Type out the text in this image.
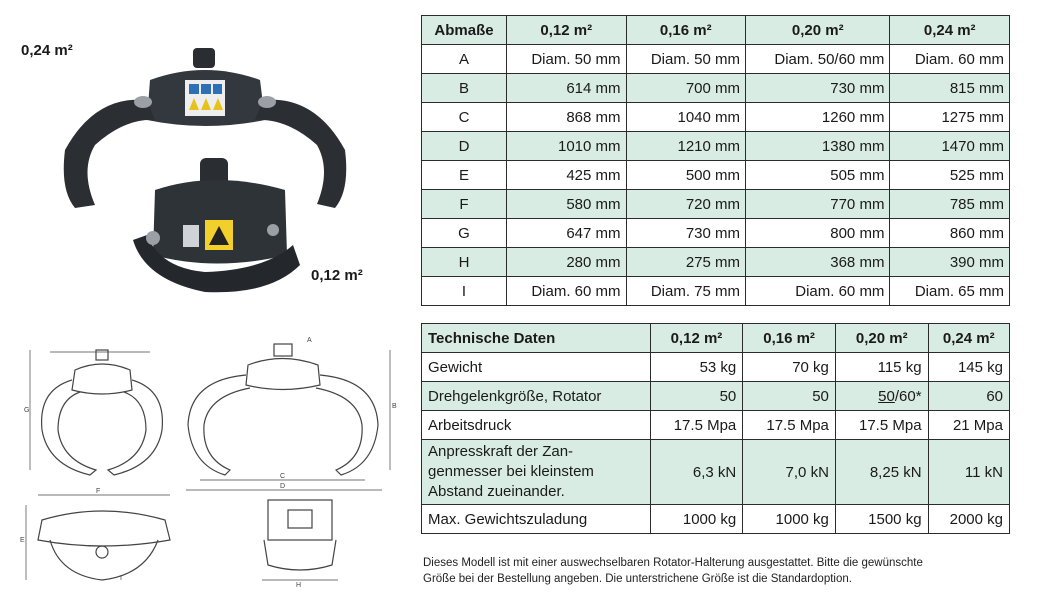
0,24 m²
0,12 m²
A
B
C
D
E
F
G
H
I
Abmaße	0,12 m²	0,16 m²	0,20 m²	0,24 m²
A	Diam. 50 mm	Diam. 50 mm	Diam. 50/60 mm	Diam. 60 mm
B	614 mm	700 mm	730 mm	815 mm
C	868 mm	1040 mm	1260 mm	1275 mm
D	1010 mm	1210 mm	1380 mm	1470 mm
E	425 mm	500 mm	505 mm	525 mm
F	580 mm	720 mm	770 mm	785 mm
G	647 mm	730 mm	800 mm	860 mm
H	280 mm	275 mm	368 mm	390 mm
I	Diam. 60 mm	Diam. 75 mm	Diam. 60 mm	Diam. 65 mm
Technische Daten	0,12 m²	0,16 m²	0,20 m²	0,24 m²
Gewicht	53 kg	70 kg	115 kg	145 kg
Drehgelenkgröße, Rotator	50	50	50/60*	60
Arbeitsdruck	17.5 Mpa	17.5 Mpa	17.5 Mpa	21 Mpa

Anpresskraft der Zan-
genmesser bei kleinstem
Abstand zueinander.	6,3 kN	7,0 kN	8,25 kN	11 kN
Max. Gewichtszuladung	1000 kg	1000 kg	1500 kg	2000 kg
Dieses Modell ist mit einer auswechselbaren Rotator-Halterung ausgestattet. Bitte die gewünschte
Größe bei der Bestellung angeben. Die unterstrichene Größe ist die Standardoption.
